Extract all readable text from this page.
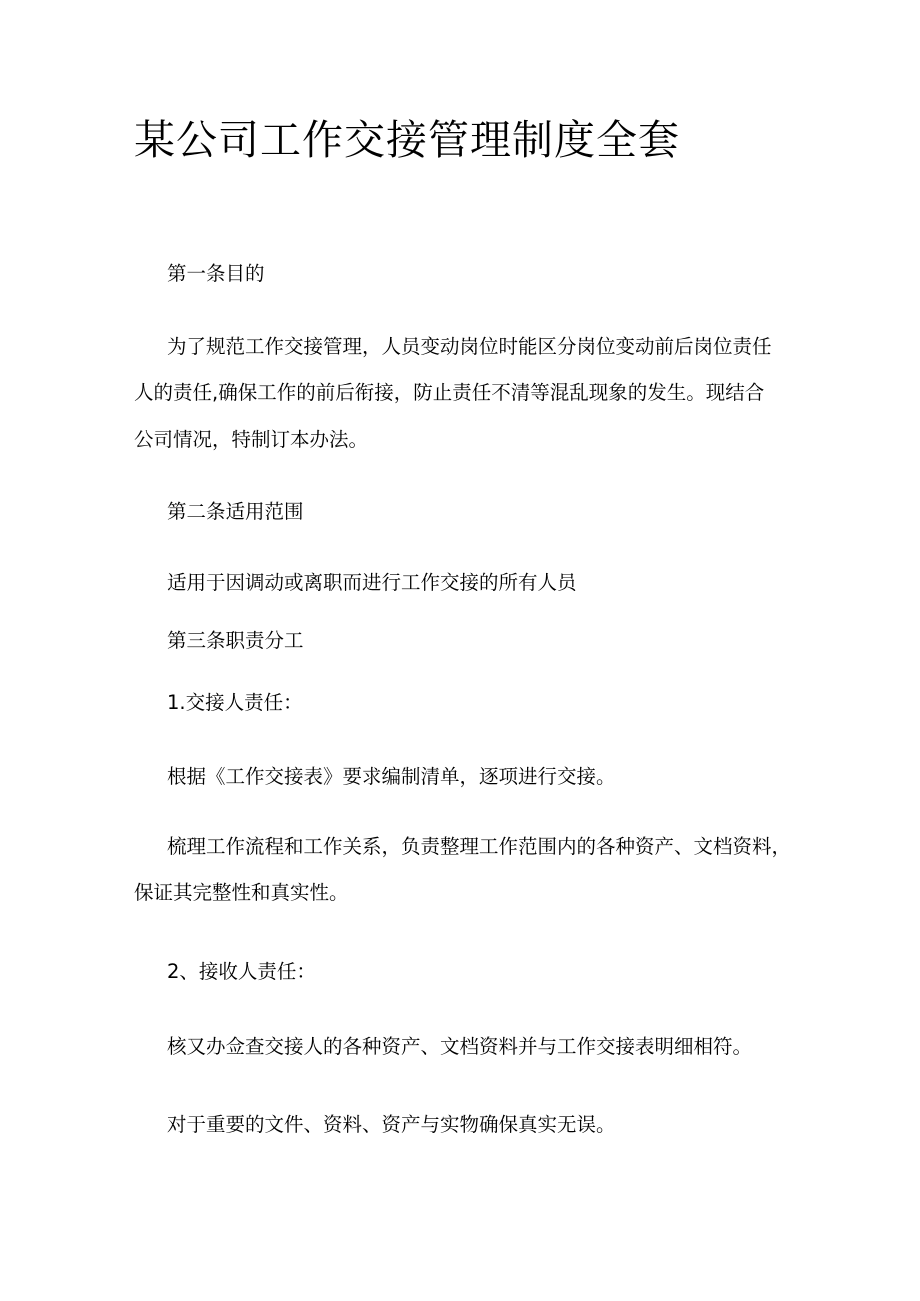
某公司工作交接管理制度全套

第一条目的

为了规范工作交接管理，人员变动岗位时能区分岗位变动前后岗位责任

人的责任,确保工作的前后衔接，防止责任不清等混乱现象的发生。现结合

公司情况，特制订本办法。

第二条适用范围

适用于因调动或离职而进行工作交接的所有人员

第三条职责分工

1.交接人责任：

根据《工作交接表》要求编制清单，逐项进行交接。

梳理工作流程和工作关系，负责整理工作范围内的各种资产、文档资料，

保证其完整性和真实性。

2、接收人责任：

核又办佥查交接人的各种资产、文档资料并与工作交接表明细相符。

对于重要的文件、资料、资产与实物确保真实无误。
